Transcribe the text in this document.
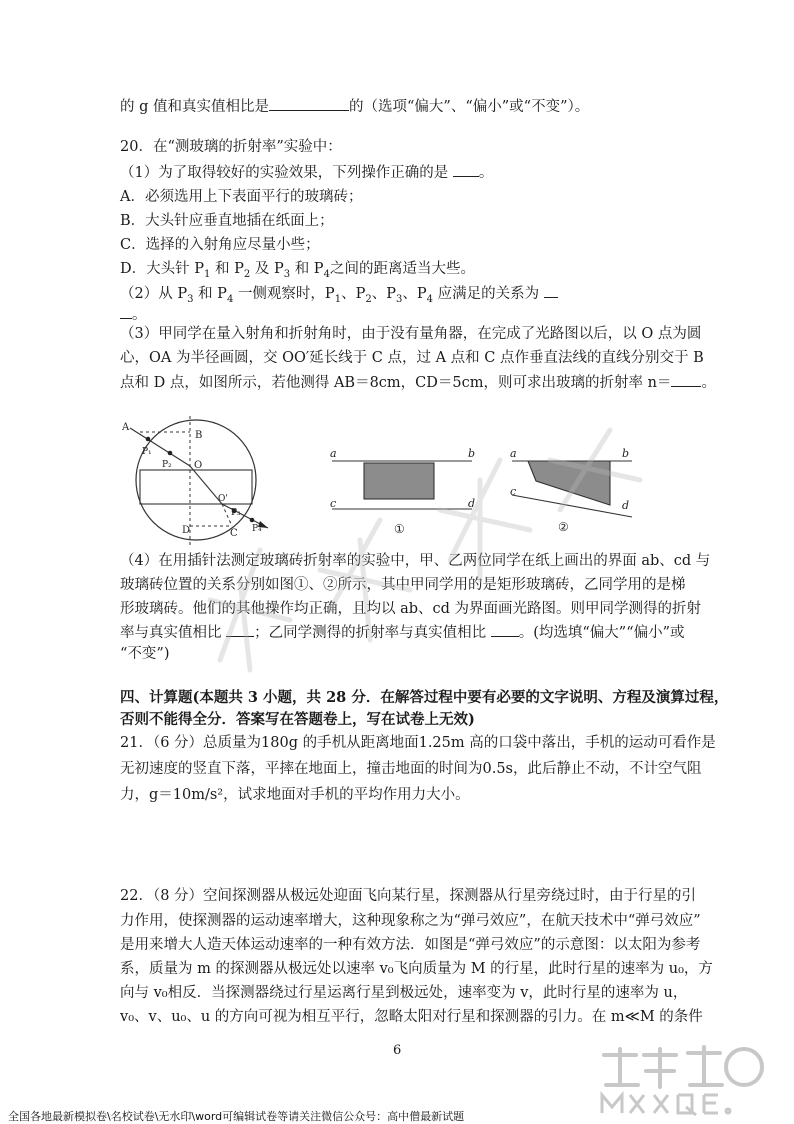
的 g 值和真实值相比是	的（选项“偏大”、“偏小”或“不变”）。
20．在“测玻璃的折射率”实验中：
（1）为了取得较好的实验效果，下列操作正确的是 。
A．必须选用上下表面平行的玻璃砖；
B．大头针应垂直地插在纸面上；
C．选择的入射角应尽量小些；
D．大头针 $P_1$ 和 $P_2$ 及 $P_3$ 和 $P_4$之间的距离适当大些。
（2）从 $P_3$ 和 $P_4$ 一侧观察时，$P_1$、$P_2$、$P_3$、$P_4$ 应满足的关系为
。
（3）甲同学在量入射角和折射角时，由于没有量角器，在完成了光路图以后，以 O 点为圆
心，OA 为半径画圆，交 OO′延长线于 C 点，过 A 点和 C 点作垂直法线的直线分别交于 B
点和 D 点，如图所示，若他测得 AB＝8cm，CD＝5cm，则可求出玻璃的折射率 n＝ 。
A
B
P₁
P₂ O
O'
P₃
P₄
D	C
a	b
c	d
①
a	b
c
d
②
（4）在用插针法测定玻璃砖折射率的实验中，甲、乙两位同学在纸上画出的界面 ab、cd 与
玻璃砖位置的关系分别如图①、②所示，其中甲同学用的是矩形玻璃砖，乙同学用的是梯
形玻璃砖。他们的其他操作均正确，且均以 ab、cd 为界面画光路图。则甲同学测得的折射
率与真实值相比 ；乙同学测得的折射率与真实值相比 。(均选填“偏大”“偏小”或
“不变”)
四、计算题(本题共 3 小题，共 28 分．在解答过程中要有必要的文字说明、方程及演算过程，
否则不能得全分．答案写在答题卷上，写在试卷上无效)
21．（6 分）总质量为180g 的手机从距离地面1.25m 高的口袋中落出，手机的运动可看作是
无初速度的竖直下落，平摔在地面上，撞击地面的时间为0.5s，此后静止不动，不计空气阻
力，g＝10m/s²，试求地面对手机的平均作用力大小。
22．（8 分）空间探测器从极远处迎面飞向某行星，探测器从行星旁绕过时，由于行星的引
力作用，使探测器的运动速率增大，这种现象称之为“弹弓效应”，在航天技术中“弹弓效应”
是用来增大人造天体运动速率的一种有效方法．如图是“弹弓效应”的示意图：以太阳为参考
系，质量为 m 的探测器从极远处以速率 v₀飞向质量为 M 的行星，此时行星的速率为 u₀，方
向与 v₀相反．当探测器绕过行星运离行星到极远处，速率变为 v，此时行星的速率为 u，
v₀、v、u₀、u 的方向可视为相互平行，忽略太阳对行星和探测器的引力。在 m≪M 的条件
6
全国各地最新模拟卷\名校试卷\无水印\word可编辑试卷等请关注微信公众号：高中僧最新试题
